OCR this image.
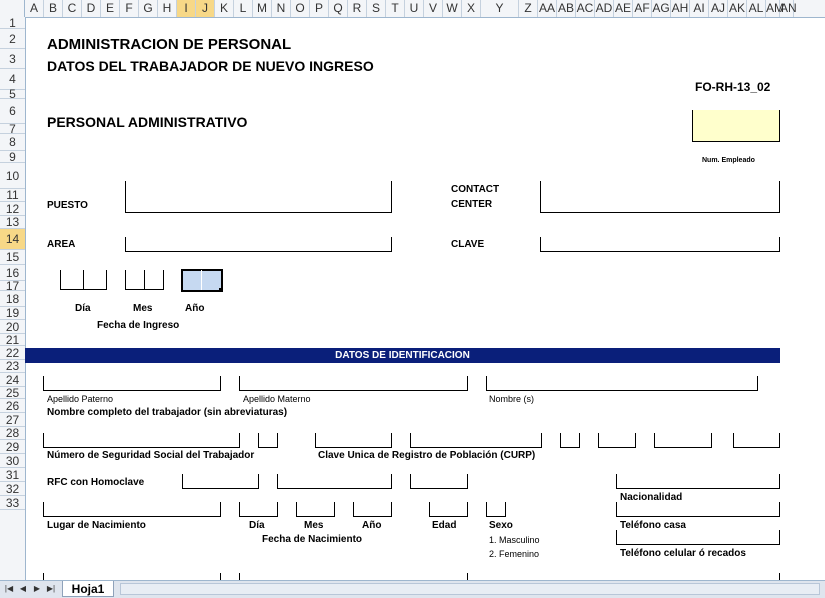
A B C D E F G H	I	J K L M N O P Q R S T U V W X	Y	Z AA AB AC AD AE AF AG AH AI AJ AK AL AM
AN
1
2
3
4
5
6
7
8
9
10
11
12
13
14
15
16
17
18
19
20
21
22
23
24
25
26
27
28
29
30
31
32
33
ADMINISTRACION DE PERSONAL
DATOS DEL TRABAJADOR DE NUEVO INGRESO
FO-RH-13_02
PERSONAL ADMINISTRATIVO
Num. Empleado
PUESTO
CONTACT
CENTER
AREA	CLAVE
Día	Mes	Año
Fecha de Ingreso
DATOS DE IDENTIFICACION
Apellido Paterno	Apellido Materno	Nombre (s)
Nombre completo del trabajador (sin abreviaturas)
Número de Seguridad Social del Trabajador	Clave Unica de Registro de Población (CURP)
RFC con Homoclave
Nacionalidad
Lugar de Nacimiento	Día	Mes	Año	Edad	Sexo	Teléfono casa
Fecha de Nacimiento	1. Masculino
2. Femenino	Teléfono celular ó recados
|◀ ◀ ▶ ▶|	Hoja1
